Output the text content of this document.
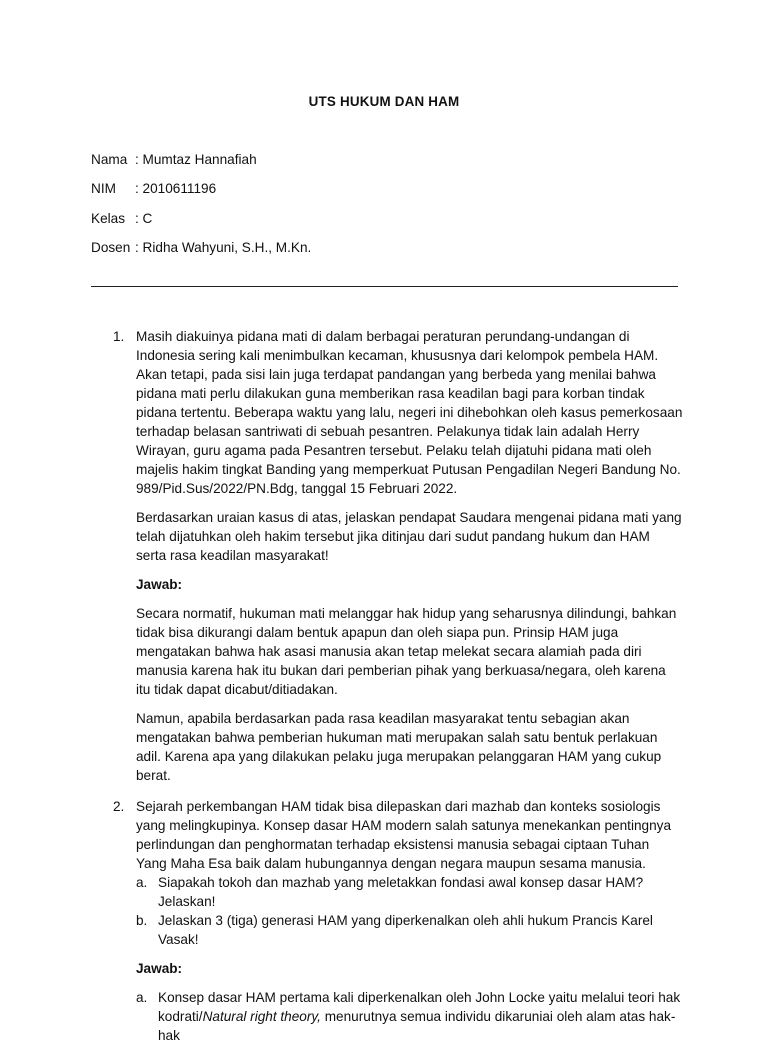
UTS HUKUM DAN HAM
Nama : Mumtaz Hannafiah
NIM	: 2010611196
Kelas : C
Dosen : Ridha Wahyuni, S.H., M.Kn.
1. Masih diakuinya pidana mati di dalam berbagai peraturan perundang-undangan di Indonesia sering kali menimbulkan kecaman, khususnya dari kelompok pembela HAM. Akan tetapi, pada sisi lain juga terdapat pandangan yang berbeda yang menilai bahwa pidana mati perlu dilakukan guna memberikan rasa keadilan bagi para korban tindak pidana tertentu. Beberapa waktu yang lalu, negeri ini dihebohkan oleh kasus pemerkosaan terhadap belasan santriwati di sebuah pesantren. Pelakunya tidak lain adalah Herry Wirayan, guru agama pada Pesantren tersebut. Pelaku telah dijatuhi pidana mati oleh majelis hakim tingkat Banding yang memperkuat Putusan Pengadilan Negeri Bandung No. 989/Pid.Sus/2022/PN.Bdg, tanggal 15 Februari 2022.

Berdasarkan uraian kasus di atas, jelaskan pendapat Saudara mengenai pidana mati yang telah dijatuhkan oleh hakim tersebut jika ditinjau dari sudut pandang hukum dan HAM serta rasa keadilan masyarakat!

Jawab:

Secara normatif, hukuman mati melanggar hak hidup yang seharusnya dilindungi, bahkan tidak bisa dikurangi dalam bentuk apapun dan oleh siapa pun. Prinsip HAM juga mengatakan bahwa hak asasi manusia akan tetap melekat secara alamiah pada diri manusia karena hak itu bukan dari pemberian pihak yang berkuasa/negara, oleh karena itu tidak dapat dicabut/ditiadakan.

Namun, apabila berdasarkan pada rasa keadilan masyarakat tentu sebagian akan mengatakan bahwa pemberian hukuman mati merupakan salah satu bentuk perlakuan adil. Karena apa yang dilakukan pelaku juga merupakan pelanggaran HAM yang cukup berat.

2. Sejarah perkembangan HAM tidak bisa dilepaskan dari mazhab dan konteks sosiologis yang melingkupinya. Konsep dasar HAM modern salah satunya menekankan pentingnya perlindungan dan penghormatan terhadap eksistensi manusia sebagai ciptaan Tuhan Yang Maha Esa baik dalam hubungannya dengan negara maupun sesama manusia.

a. Siapakah tokoh dan mazhab yang meletakkan fondasi awal konsep dasar HAM? Jelaskan!
b. Jelaskan 3 (tiga) generasi HAM yang diperkenalkan oleh ahli hukum Prancis Karel Vasak!
Jawab:
a. Konsep dasar HAM pertama kali diperkenalkan oleh John Locke yaitu melalui teori hak kodrati/Natural right theory, menurutnya semua individu dikaruniai oleh alam atas hak-hak
